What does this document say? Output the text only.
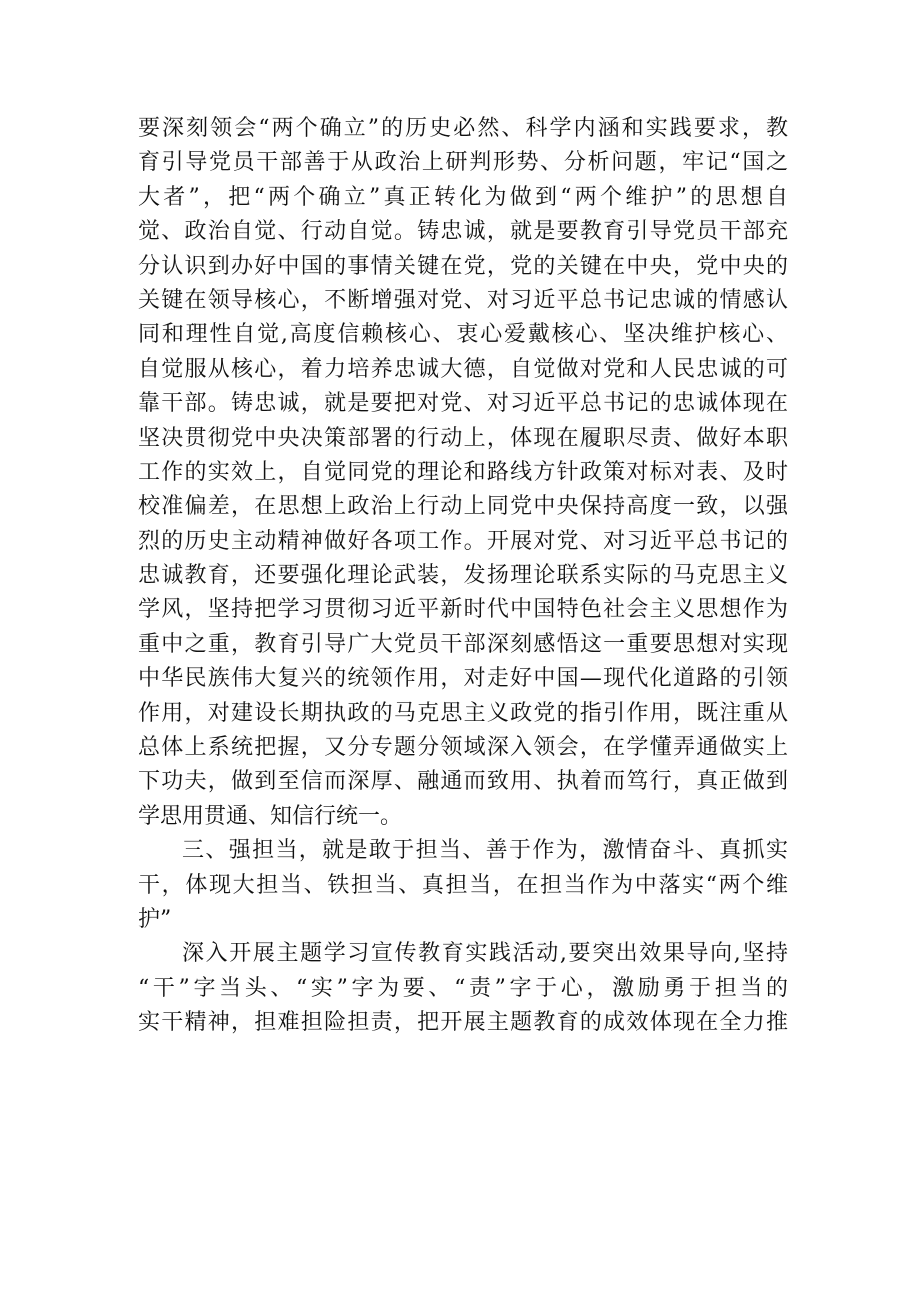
要深刻领会“两个确立”的历史必然、科学内涵和实践要求，教
育引导党员干部善于从政治上研判形势、分析问题，牢记“国之
大者”，把“两个确立”真正转化为做到“两个维护”的思想自
觉、政治自觉、行动自觉。铸忠诚，就是要教育引导党员干部充
分认识到办好中国的事情关键在党，党的关键在中央，党中央的
关键在领导核心，不断增强对党、对习近平总书记忠诚的情感认
同和理性自觉,高度信赖核心、衷心爱戴核心、坚决维护核心、
自觉服从核心，着力培养忠诚大德，自觉做对党和人民忠诚的可
靠干部。铸忠诚，就是要把对党、对习近平总书记的忠诚体现在
坚决贯彻党中央决策部署的行动上，体现在履职尽责、做好本职
工作的实效上，自觉同党的理论和路线方针政策对标对表、及时
校准偏差，在思想上政治上行动上同党中央保持高度一致，以强
烈的历史主动精神做好各项工作。开展对党、对习近平总书记的
忠诚教育，还要强化理论武装，发扬理论联系实际的马克思主义
学风，坚持把学习贯彻习近平新时代中国特色社会主义思想作为
重中之重，教育引导广大党员干部深刻感悟这一重要思想对实现
中华民族伟大复兴的统领作用，对走好中国—现代化道路的引领
作用，对建设长期执政的马克思主义政党的指引作用，既注重从
总体上系统把握，又分专题分领域深入领会，在学懂弄通做实上
下功夫，做到至信而深厚、融通而致用、执着而笃行，真正做到
学思用贯通、知信行统一。
三、强担当，就是敢于担当、善于作为，激情奋斗、真抓实
干，体现大担当、铁担当、真担当，在担当作为中落实“两个维
护”
深入开展主题学习宣传教育实践活动,要突出效果导向,坚持
“干”字当头、“实”字为要、“责”字于心，激励勇于担当的
实干精神，担难担险担责，把开展主题教育的成效体现在全力推
